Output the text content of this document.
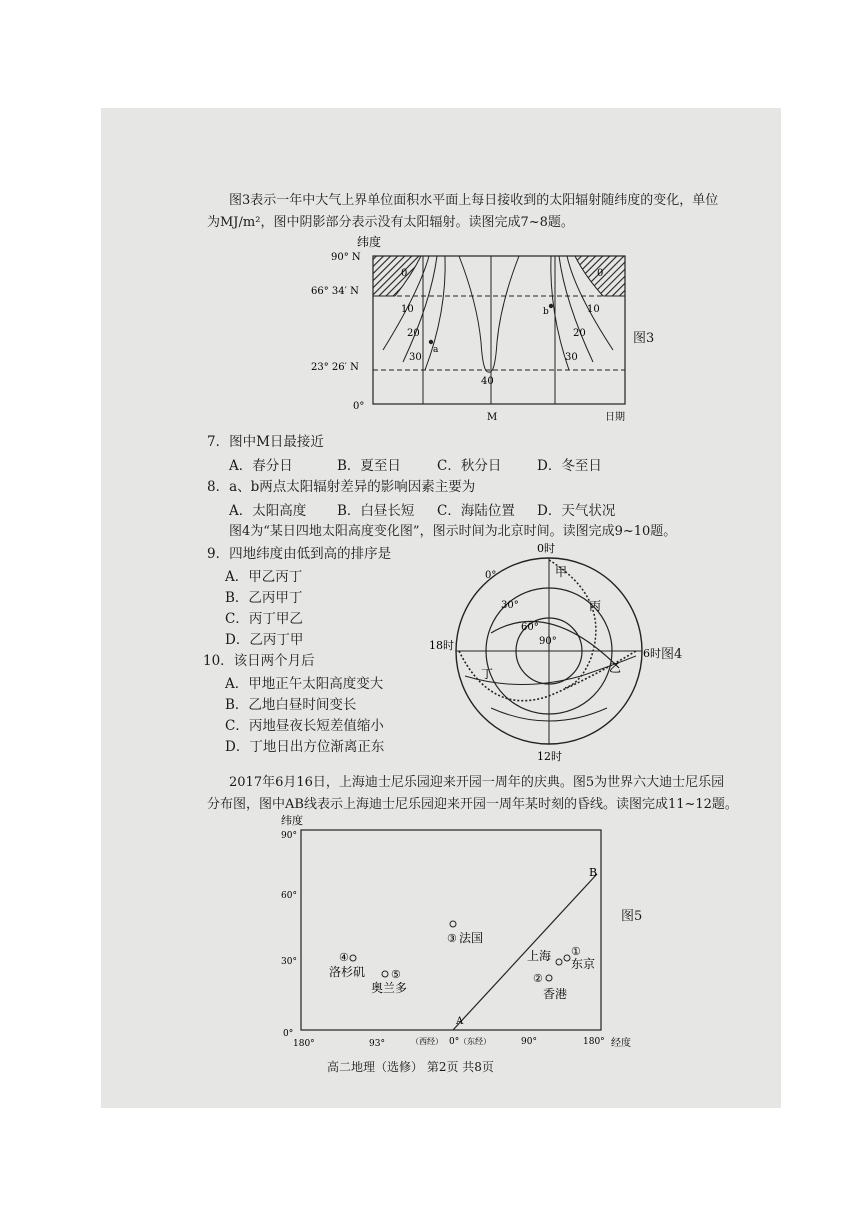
图3表示一年中大气上界单位面积水平面上每日接收到的太阳辐射随纬度的变化，单位
为MJ/m²，图中阴影部分表示没有太阳辐射。读图完成7~8题。
纬度
90° N
66° 34′ N
23° 26′ N
0°
0
10
20
30
0
10
20
30
40
a
b
M	日期
图3
7．图中M日最接近
A．春分日	B．夏至日	C．秋分日	D．冬至日
8．a、b两点太阳辐射差异的影响因素主要为
A．太阳高度 B．白昼长短 C．海陆位置 D．天气状况
图4为“某日四地太阳高度变化图”，图示时间为北京时间。读图完成9~10题。
9．四地纬度由低到高的排序是
A．甲乙丙丁
B．乙丙甲丁
C．丙丁甲乙
D．乙丙丁甲
10．该日两个月后
A．甲地正午太阳高度变大
B．乙地白昼时间变长
C．丙地昼夜长短差值缩小
D．丁地日出方位渐离正东
0时
12时
18时
6时
0°
30°
60°
90°
甲
乙
丙
丁
图4
2017年6月16日，上海迪士尼乐园迎来开园一周年的庆典。图5为世界六大迪士尼乐园
分布图，图中AB线表示上海迪士尼乐园迎来开园一周年某时刻的昏线。读图完成11~12题。
纬度
90°
60°
30°
0°
A
B
①
东京
②
香港
③ 法国
④
洛杉矶 ⑤
奥兰多
上海
180°	93°	（西经） 0° （东经）	90°	180° 经度
图5
高二地理（选修） 第2页 共8页
